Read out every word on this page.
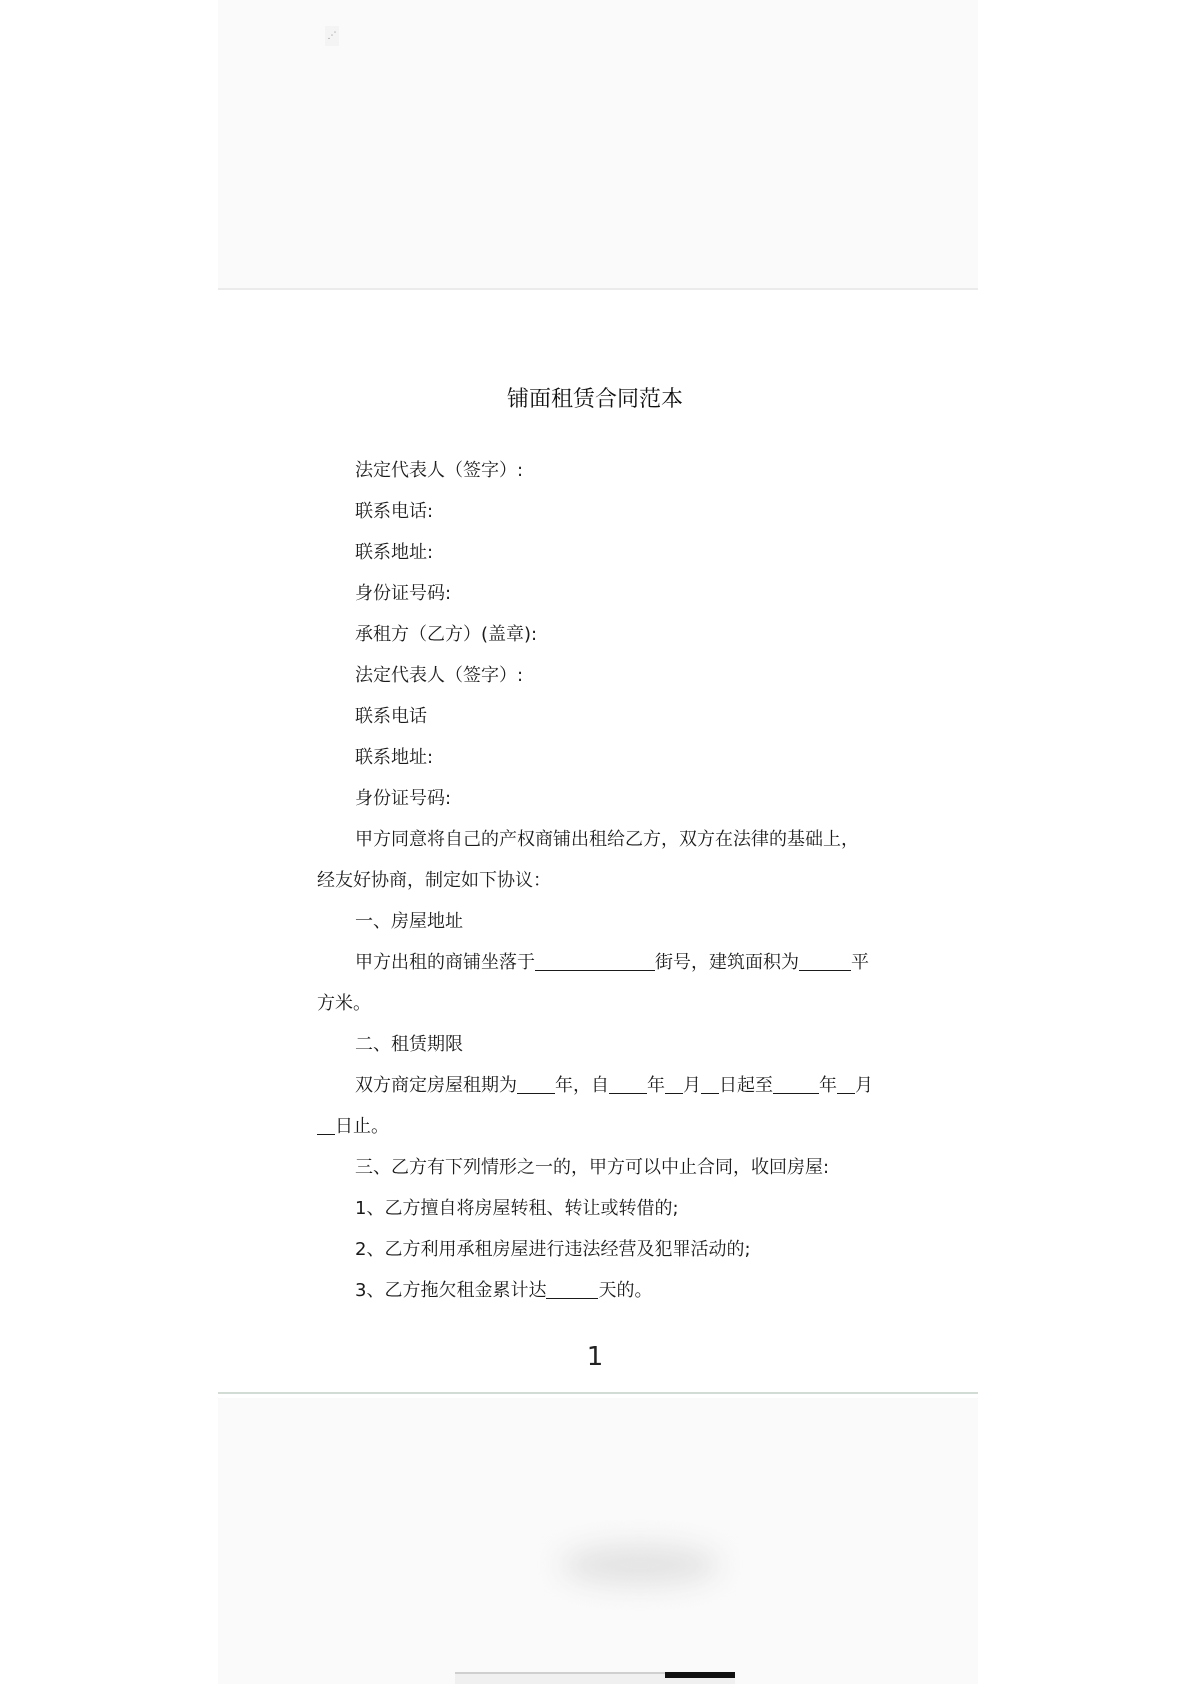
⋰
铺面租赁合同范本

法定代表人（签字）:

联系电话:

联系地址:

身份证号码:

承租方（乙方）(盖章):

法定代表人（签字）:

联系电话

联系地址:

身份证号码:

甲方同意将自己的产权商铺出租给乙方，双方在法律的基础上，

经友好协商，制定如下协议：

一、房屋地址

甲方出租的商铺坐落于	街号，建筑面积为	平

方米。

二、租赁期限

双方商定房屋租期为 年，自 年 月 日起至	年 月

日止。

三、乙方有下列情形之一的，甲方可以中止合同，收回房屋:

1、乙方擅自将房屋转租、转让或转借的;

2、乙方利用承租房屋进行违法经营及犯罪活动的;

3、乙方拖欠租金累计达	天的。

1
